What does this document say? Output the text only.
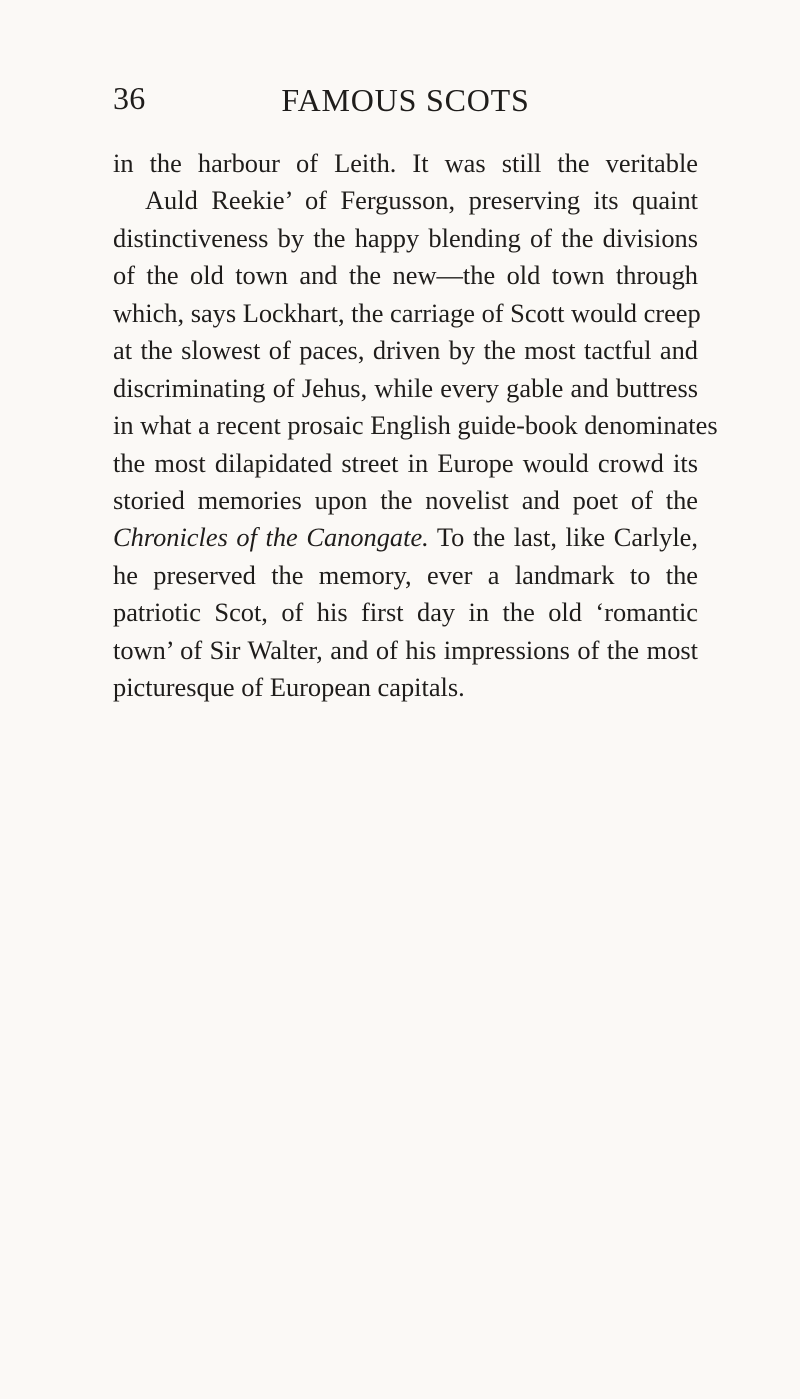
36	FAMOUS SCOTS
in the harbour of Leith. It was still the veritable
Auld Reekie’ of Fergusson, preserving its quaint
distinctiveness by the happy blending of the divisions
of the old town and the new—the old town through
which, says Lockhart, the carriage of Scott would creep
at the slowest of paces, driven by the most tactful and
discriminating of Jehus, while every gable and buttress
in what a recent prosaic English guide-book denominates
the most dilapidated street in Europe would crowd its
storied memories upon the novelist and poet of the
Chronicles of the Canongate. To the last, like Carlyle,
he preserved the memory, ever a landmark to the
patriotic Scot, of his first day in the old ‘romantic
town’ of Sir Walter, and of his impressions of the most
picturesque of European capitals.
